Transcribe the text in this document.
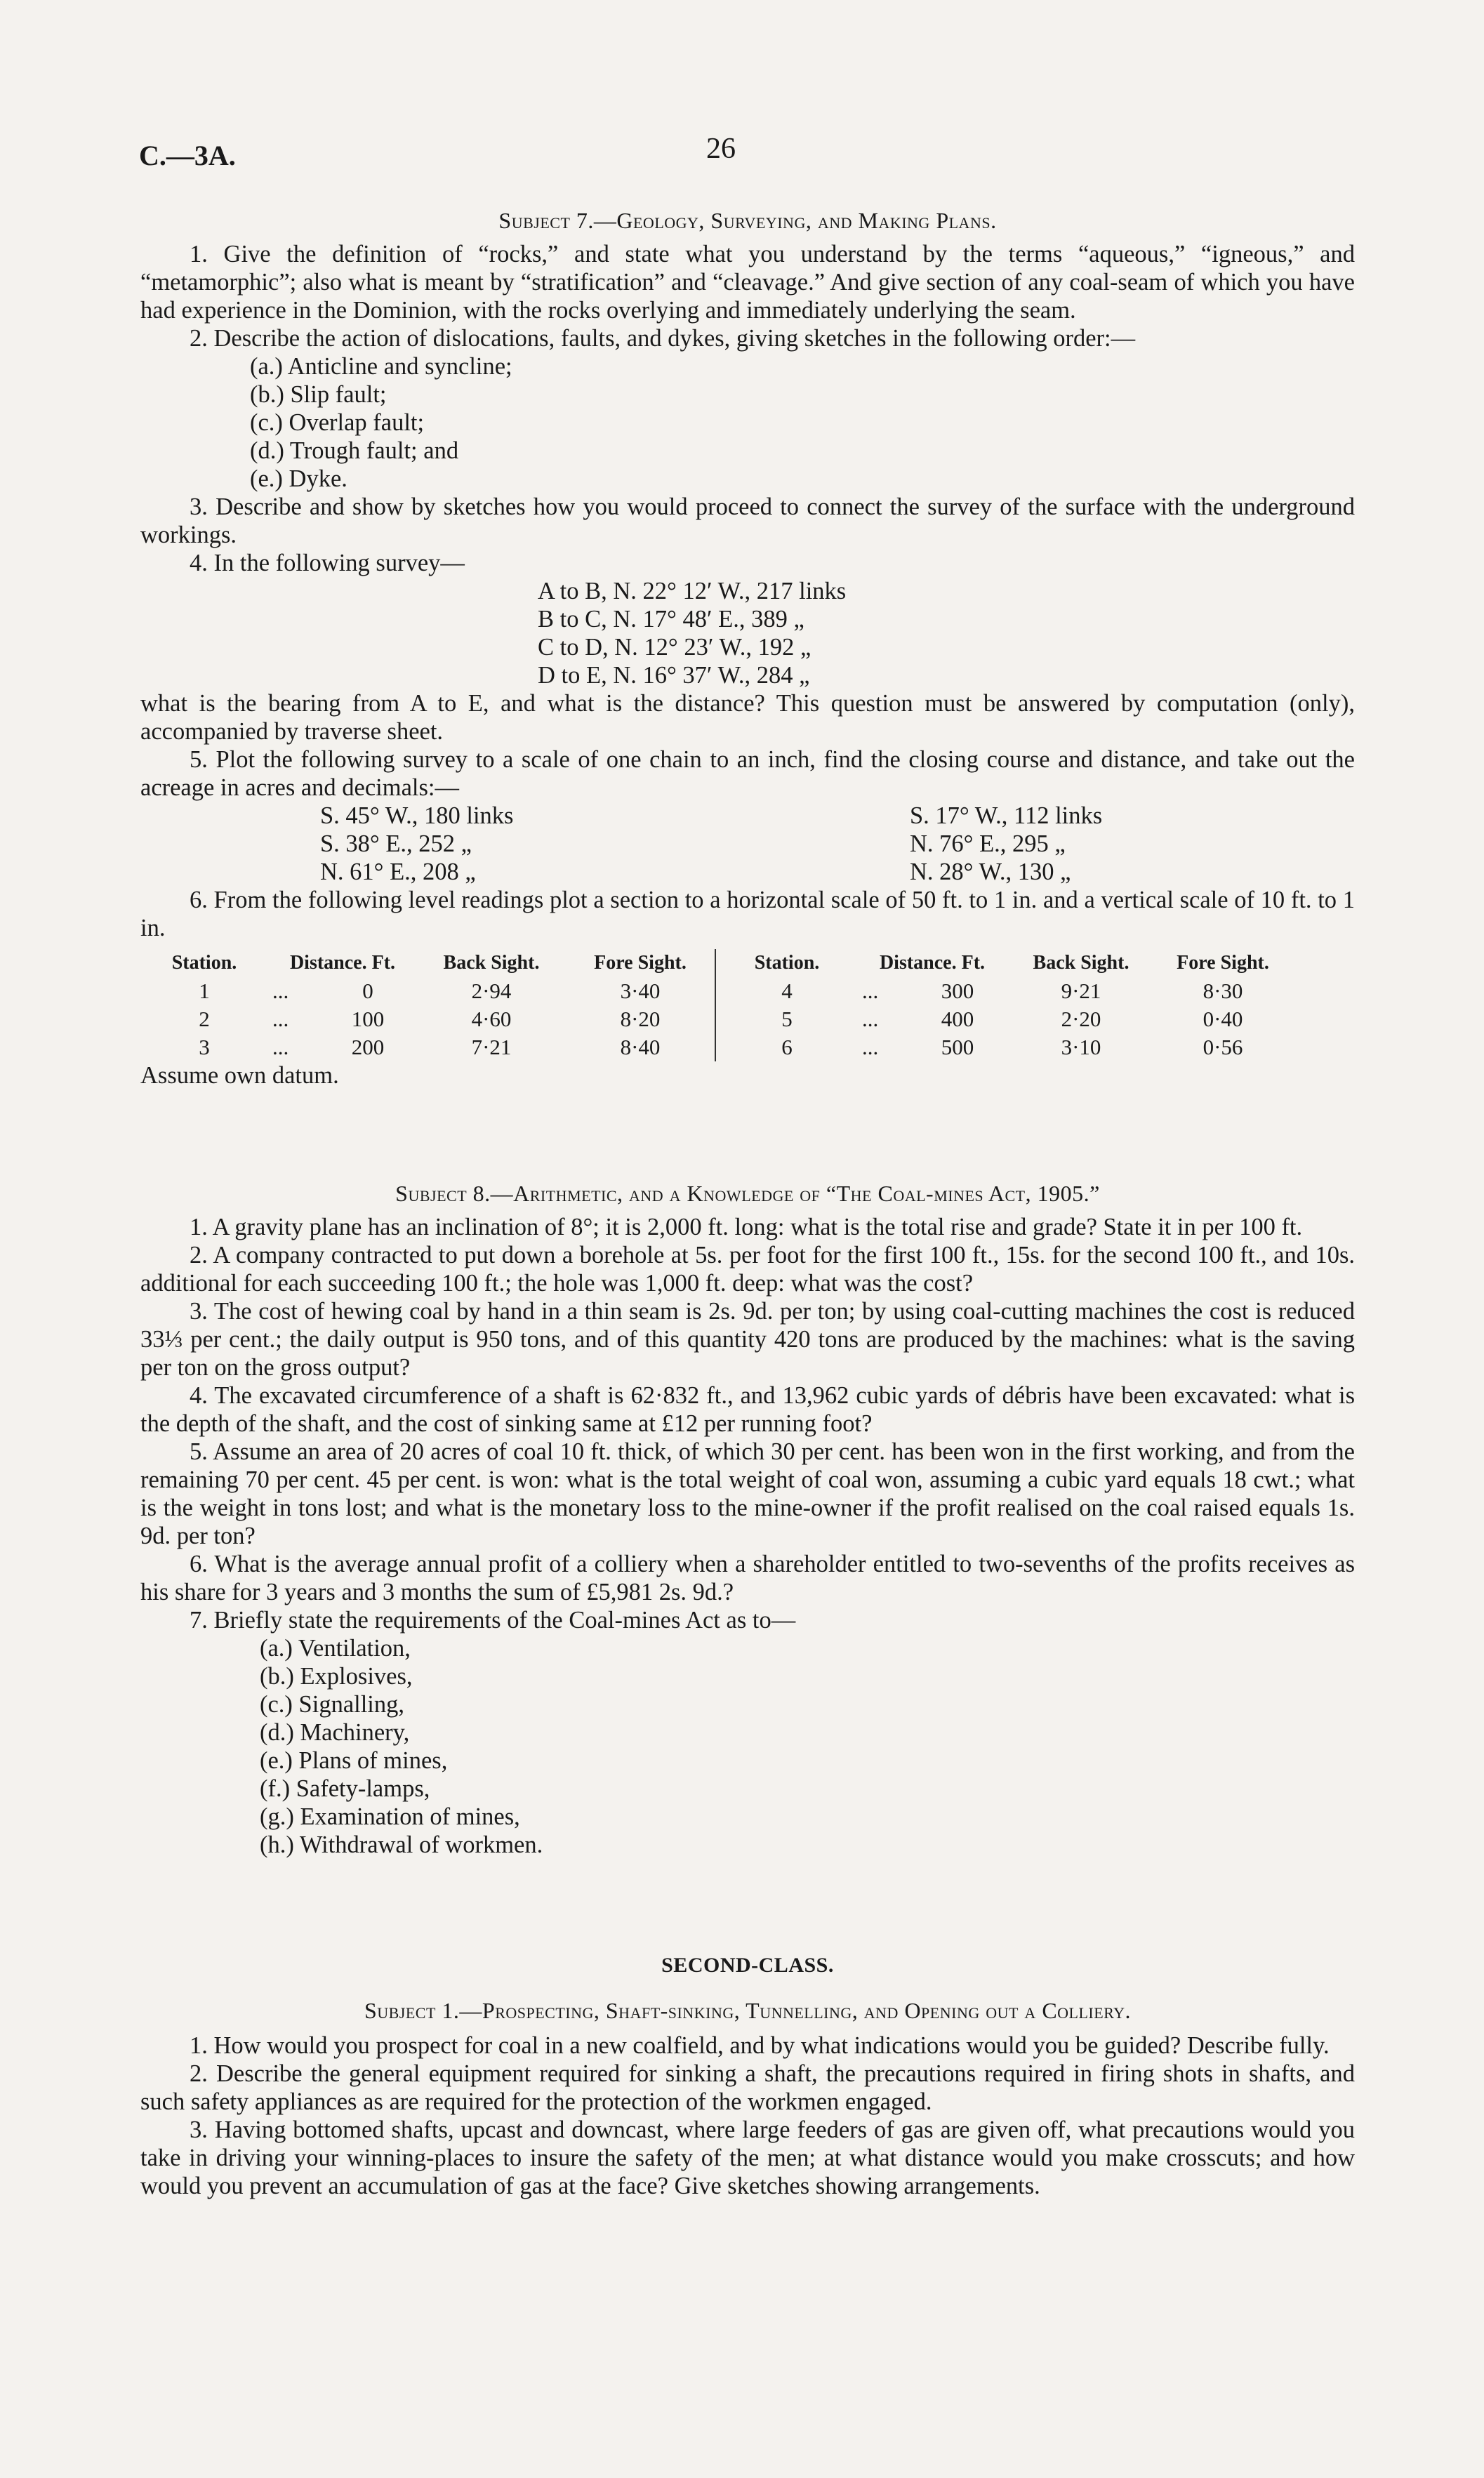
C.—3A.	26
Subject 7.—Geology, Surveying, and Making Plans.

1. Give the definition of “rocks,” and state what you understand by the terms “aqueous,” “igneous,” and “metamorphic”; also what is meant by “stratification” and “cleavage.” And give section of any coal-seam of which you have had experience in the Dominion, with the rocks overlying and immediately underlying the seam.

2. Describe the action of dislocations, faults, and dykes, giving sketches in the following order:—

(a.) Anticline and syncline;
(b.) Slip fault;
(c.) Overlap fault;
(d.) Trough fault; and
(e.) Dyke.

3. Describe and show by sketches how you would proceed to connect the survey of the surface with the underground workings.

4. In the following survey—

A to B, N. 22° 12′ W., 217 links
B to C, N. 17° 48′ E., 389 „
C to D, N. 12° 23′ W., 192 „
D to E, N. 16° 37′ W., 284 „

what is the bearing from A to E, and what is the distance? This question must be answered by computation (only), accompanied by traverse sheet.

5. Plot the following survey to a scale of one chain to an inch, find the closing course and distance, and take out the acreage in acres and decimals:—

S. 45° W., 180 links
S. 38° E., 252 „
N. 61° E., 208 „
S. 17° W., 112 links
N. 76° E., 295 „
N. 28° W., 130 „

6. From the following level readings plot a section to a horizontal scale of 50 ft. to 1 in. and a vertical scale of 10 ft. to 1 in.

Station.	Distance. Ft.		Back Sight.	Fore Sight.	Station.	Distance. Ft.		Back Sight.	Fore Sight.
1	...	0	2·94	3·40	4	...	300	9·21	8·30
2	...	100	4·60	8·20	5	...	400	2·20	0·40
3	...	200	7·21	8·40	6	...	500	3·10	0·56

Assume own datum.

Subject 8.—Arithmetic, and a Knowledge of “The Coal-mines Act, 1905.”

1. A gravity plane has an inclination of 8°; it is 2,000 ft. long: what is the total rise and grade? State it in per 100 ft.

2. A company contracted to put down a borehole at 5s. per foot for the first 100 ft., 15s. for the second 100 ft., and 10s. additional for each succeeding 100 ft.; the hole was 1,000 ft. deep: what was the cost?

3. The cost of hewing coal by hand in a thin seam is 2s. 9d. per ton; by using coal-cutting machines the cost is reduced 33⅓ per cent.; the daily output is 950 tons, and of this quantity 420 tons are produced by the machines: what is the saving per ton on the gross output?

4. The excavated circumference of a shaft is 62·832 ft., and 13,962 cubic yards of débris have been excavated: what is the depth of the shaft, and the cost of sinking same at £12 per running foot?

5. Assume an area of 20 acres of coal 10 ft. thick, of which 30 per cent. has been won in the first working, and from the remaining 70 per cent. 45 per cent. is won: what is the total weight of coal won, assuming a cubic yard equals 18 cwt.; what is the weight in tons lost; and what is the monetary loss to the mine-owner if the profit realised on the coal raised equals 1s. 9d. per ton?

6. What is the average annual profit of a colliery when a shareholder entitled to two-sevenths of the profits receives as his share for 3 years and 3 months the sum of £5,981 2s. 9d.?

7. Briefly state the requirements of the Coal-mines Act as to—

(a.) Ventilation,
(b.) Explosives,
(c.) Signalling,
(d.) Machinery,
(e.) Plans of mines,
(f.) Safety-lamps,
(g.) Examination of mines,
(h.) Withdrawal of workmen.
SECOND-CLASS.
Subject 1.—Prospecting, Shaft-sinking, Tunnelling, and Opening out a Colliery.

1. How would you prospect for coal in a new coalfield, and by what indications would you be guided? Describe fully.

2. Describe the general equipment required for sinking a shaft, the precautions required in firing shots in shafts, and such safety appliances as are required for the protection of the workmen engaged.

3. Having bottomed shafts, upcast and downcast, where large feeders of gas are given off, what precautions would you take in driving your winning-places to insure the safety of the men; at what distance would you make crosscuts; and how would you prevent an accumulation of gas at the face? Give sketches showing arrangements.
